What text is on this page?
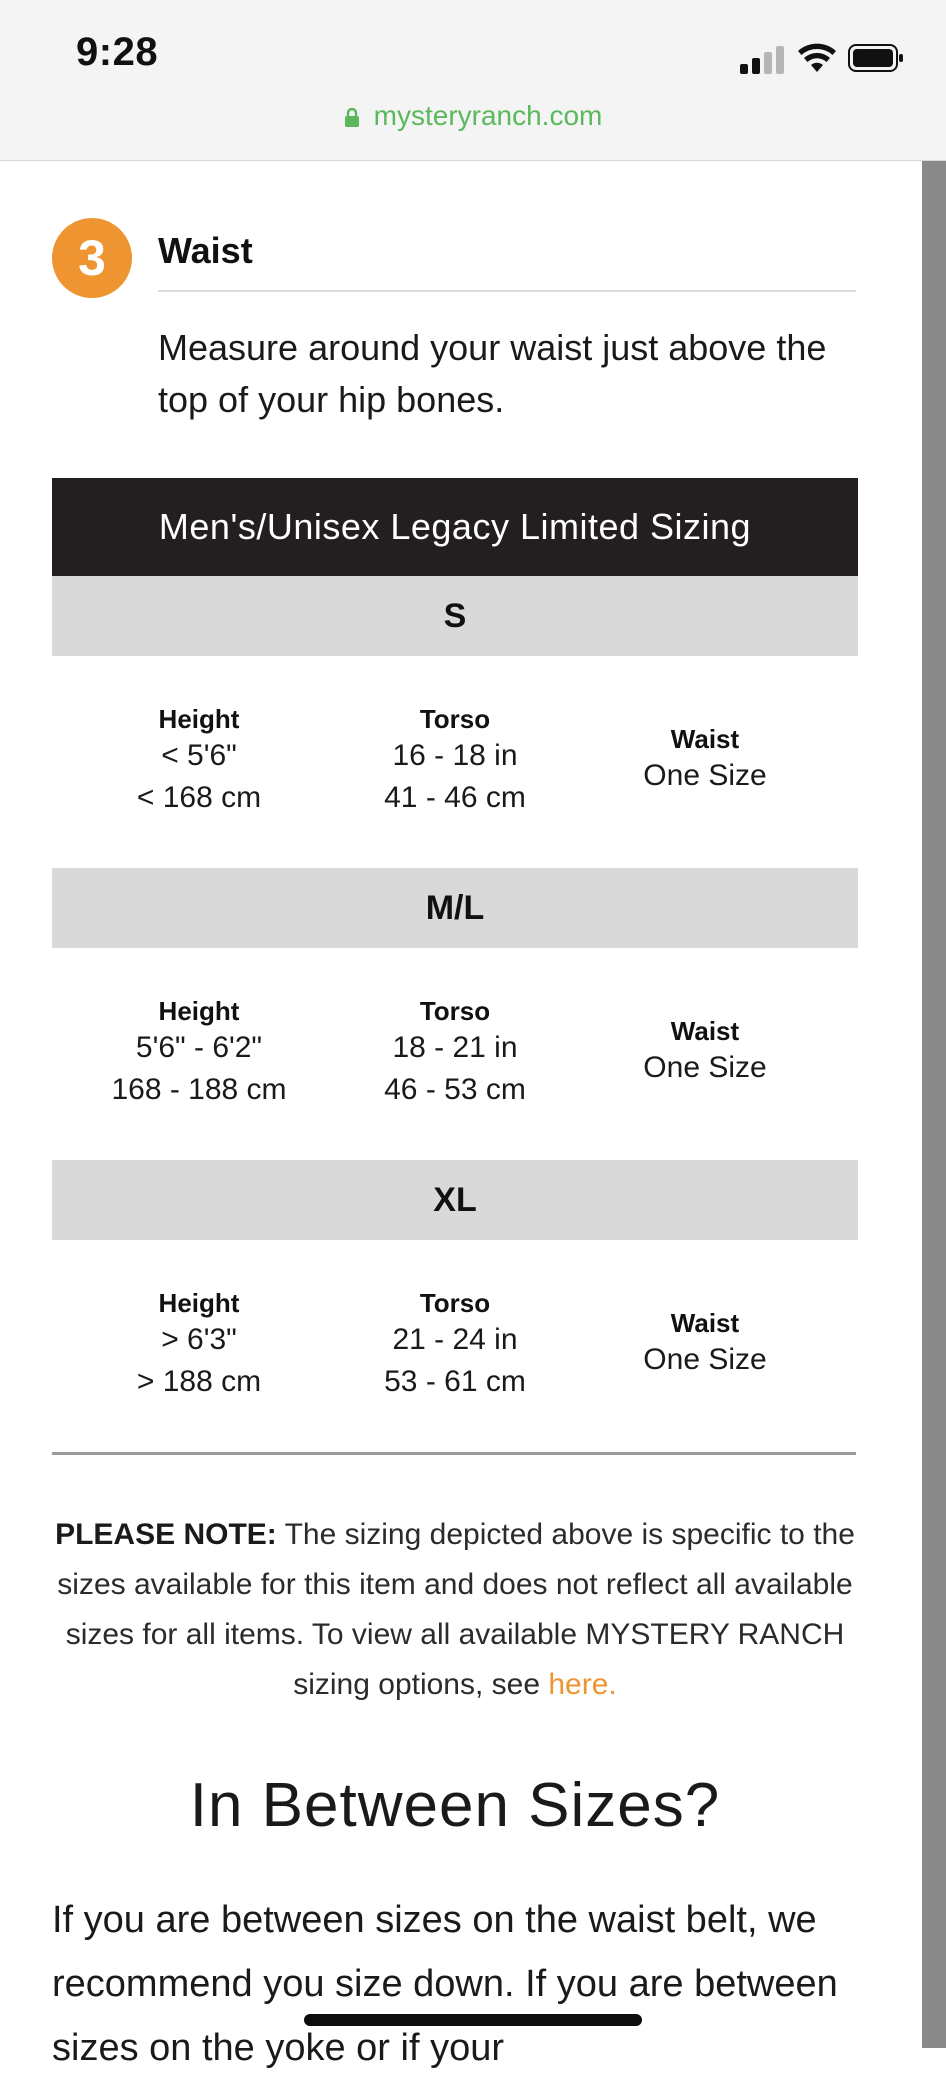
9:28
mysteryranch.com
3	Waist
Measure around your waist just above the top of your hip bones.
Men's/Unisex Legacy Limited Sizing
S
Height
< 5'6"
< 168 cm
Torso
16 - 18 in
41 - 46 cm
Waist
One Size
M/L
Height
5'6" - 6'2"
168 - 188 cm
Torso
18 - 21 in
46 - 53 cm
Waist
One Size
XL
Height
> 6'3"
> 188 cm
Torso
21 - 24 in
53 - 61 cm
Waist
One Size
PLEASE NOTE: The sizing depicted above is specific to the sizes available for this item and does not reflect all available sizes for all items. To view all available MYSTERY RANCH sizing options, see here.
In Between Sizes?
If you are between sizes on the waist belt, we recommend you size down. If you are between sizes on the yoke or if your
